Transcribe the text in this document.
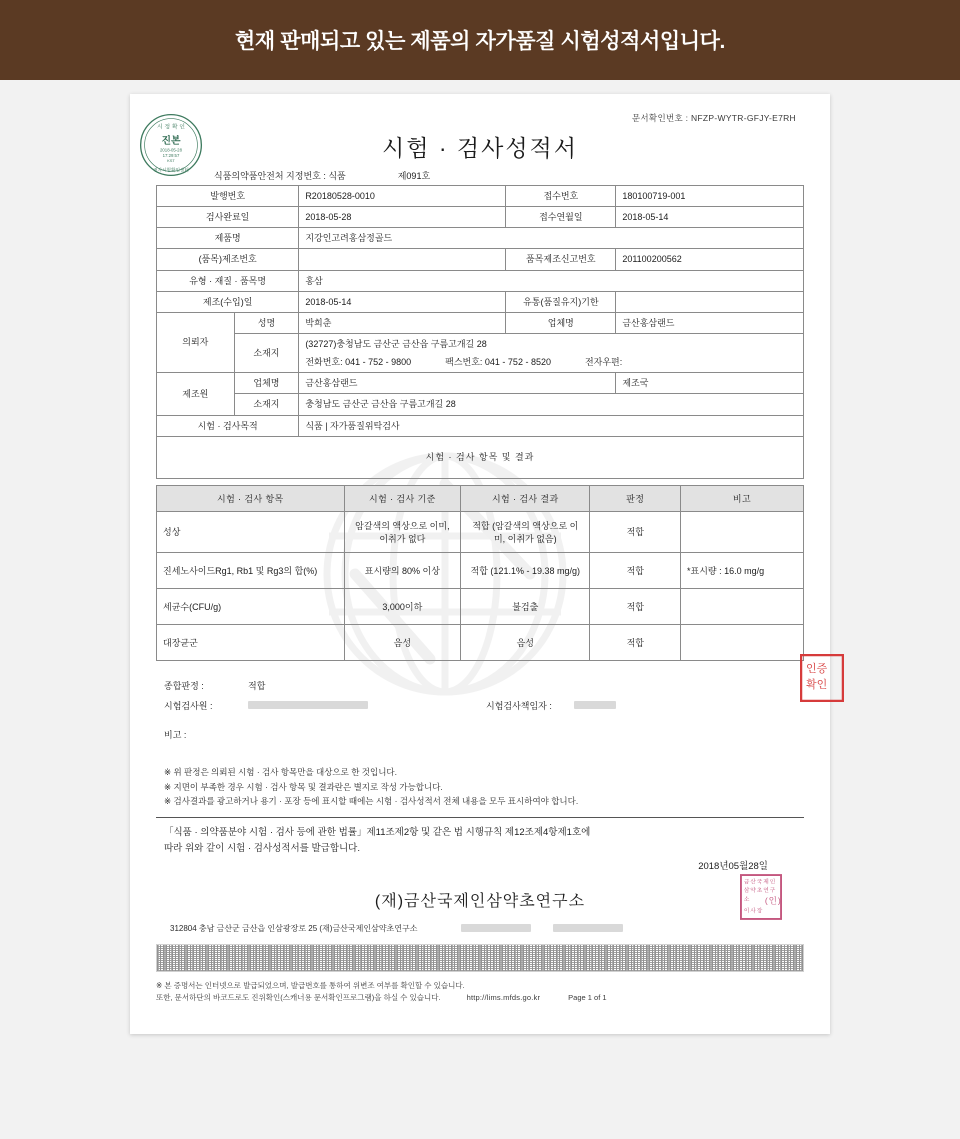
현재 판매되고 있는 제품의 자가품질 시험성적서입니다.
시 정 확 인
진본
2018-05-28
17:29:57
KST
전자시험확인센터
인증
확인
문서확인번호 : NFZP-WYTR-GFJY-E7RH
시험 · 검사성적서
식품의약품안전처 지정번호 : 식품	제091호
발행번호		R20180528-0010	접수번호	180100719-001
검사완료일		2018-05-28	접수연월일	2018-05-14
제품명		지강인고려홍삼정골드		
(품목)제조번호			품목제조신고번호	201100200562
유형 · 재질 · 품목명		홍삼		
제조(수입)일		2018-05-14	유통(품질유지)기한	
의뢰자	성명	박희춘	업체명	금산홍삼랜드
	소재지	(32727)충청남도 금산군 금산읍 구름고개길 28
전화번호: 041 - 752 - 9800 팩스번호: 041 - 752 - 8520 전자우편:		

제조원	업체명	금산홍삼랜드		제조국
	소재지	충청남도 금산군 금산읍 구름고개길 28		
시험 · 검사목적		식품 | 자가품질위탁검사		
시험 · 검사 항목 및 결과				
시험 · 검사 항목	시험 · 검사 기준	시험 · 검사 결과	판정	비고
성상	암갈색의 액상으로 이미, 이취가 없다	적합 (암갈색의 액상으로 이미, 이취가 없음)	적합	
진세노사이드Rg1, Rb1 및 Rg3의 합(%)	표시량의 80% 이상	적합 (121.1% - 19.38 mg/g)	적합	*표시량 : 16.0 mg/g
세균수(CFU/g)	3,000이하	불검출	적합	
대장균군	음성	음성	적합	
종합판정 :	적합
시험검사원 :	시험검사책임자 :
비고 :
※ 위 판정은 의뢰된 시험 · 검사 항목만을 대상으로 한 것입니다.
※ 지면이 부족한 경우 시험 · 검사 항목 및 결과란은 별지로 작성 가능합니다.
※ 검사결과를 광고하거나 용기 · 포장 등에 표시할 때에는 시험 · 검사성적서 전체 내용을 모두 표시하여야 합니다.
「식품 · 의약품분야 시험 · 검사 등에 관한 법률」제11조제2항 및 같은 법 시행규칙 제12조제4항제1호에
따라 위와 같이 시험 · 검사성적서를 발급합니다.
2018년05월28일
(재)금산국제인삼약초연구소
금산국제인
삼약초연구
소
이사장
(인)
312804 충남 금산군 금산읍 인삼광장로 25 (재)금산국제인삼약초연구소
※ 본 증명서는 인터넷으로 발급되었으며, 발급번호를 통하여 위변조 여부를 확인할 수 있습니다.
또한, 문서하단의 바코드로도 진위확인(스캐너용 문서확인프로그램)을 하실 수 있습니다.	http://lims.mfds.go.kr	Page 1 of 1
